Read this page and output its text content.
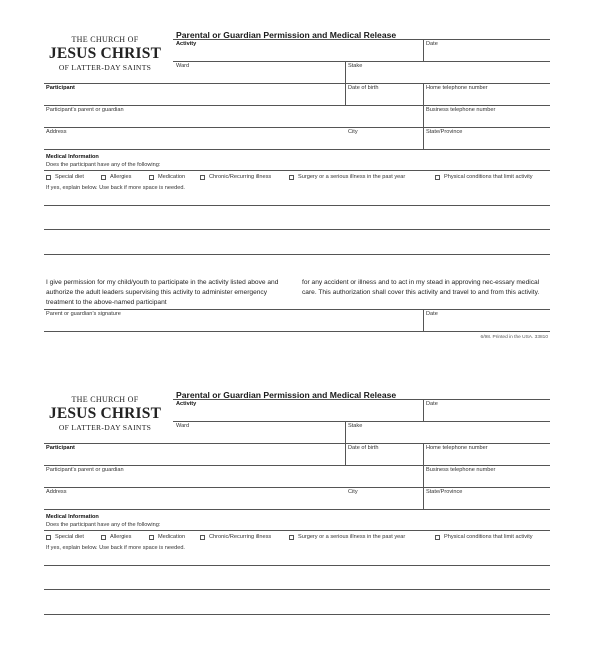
THE CHURCH OF
JESUS CHRIST
OF LATTER-DAY SAINTS
Parental or Guardian Permission and Medical Release
Activity	Date
Ward	Stake
Participant	Date of birth	Home telephone number
Participant’s parent or guardian	Business telephone number
Address	City	State/Province
Medical Information
Does the participant have any of the following:
Special diet	Allergies	Medication	Chronic/Recurring illness	Surgery or a serious illness in the past year	Physical conditions that limit activity
If yes, explain below. Use back if more space is needed.
I give permission for my child/youth to participate in the activity listed above and authorize the adult leaders supervising this activity to administer emergency treatment to the above-named participant
for any accident or illness and to act in my stead in approving nec-essary medical care. This authorization shall cover this activity and travel to and from this activity.
Parent or guardian’s signature	Date
6/98. Printed in the USA. 33810
THE CHURCH OF
JESUS CHRIST
OF LATTER-DAY SAINTS
Parental or Guardian Permission and Medical Release
Activity	Date
Ward	Stake
Participant	Date of birth	Home telephone number
Participant’s parent or guardian	Business telephone number
Address	City	State/Province
Medical Information
Does the participant have any of the following:
Special diet	Allergies	Medication	Chronic/Recurring illness	Surgery or a serious illness in the past year	Physical conditions that limit activity
If yes, explain below. Use back if more space is needed.
